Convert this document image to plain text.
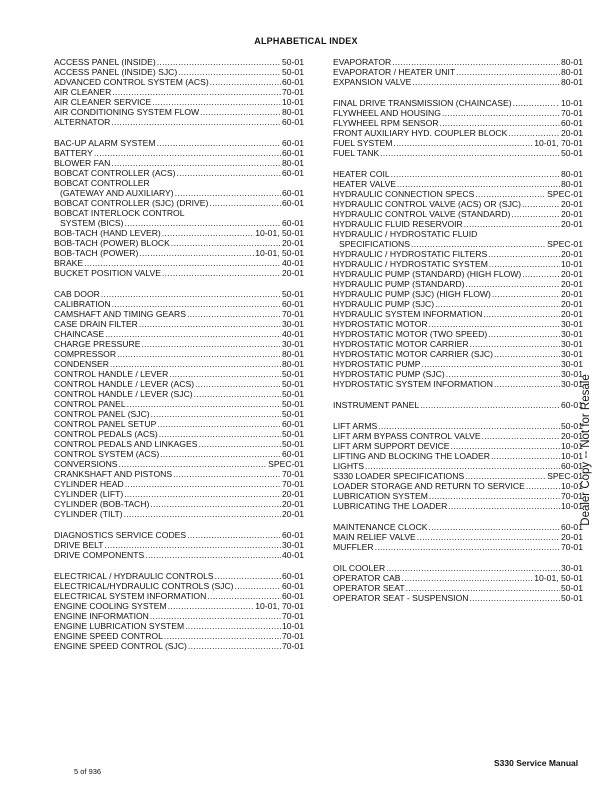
ALPHABETICAL INDEX
ACCESS PANEL (INSIDE) .....	50-01
ACCESS PANEL (INSIDE) SJC) .....	50-01
ADVANCED CONTROL SYSTEM (ACS) .....	60-01
AIR CLEANER .....	70-01
AIR CLEANER SERVICE .....	10-01
AIR CONDITIONING SYSTEM FLOW .....	80-01
ALTERNATOR .....	60-01
BAC-UP ALARM SYSTEM .....	60-01
BATTERY .....	60-01
BLOWER FAN .....	80-01
BOBCAT CONTROLLER (ACS) .....	60-01
BOBCAT CONTROLLER
(GATEWAY AND AUXILIARY) .....	60-01
BOBCAT CONTROLLER (SJC) (DRIVE) .....	60-01
BOBCAT INTERLOCK CONTROL
SYSTEM (BICS) .....	60-01
BOB-TACH (HAND LEVER) .....	10-01, 50-01
BOB-TACH (POWER) BLOCK .....	20-01
BOB-TACH (POWER) .....	10-01, 50-01
BRAKE .....	40-01
BUCKET POSITION VALVE .....	20-01
CAB DOOR .....	50-01
CALIBRATION .....	60-01
CAMSHAFT AND TIMING GEARS .....	70-01
CASE DRAIN FILTER .....	30-01
CHAINCASE .....	40-01
CHARGE PRESSURE .....	30-01
COMPRESSOR .....	80-01
CONDENSER .....	80-01
CONTROL HANDLE / LEVER .....	50-01
CONTROL HANDLE / LEVER (ACS) .....	50-01
CONTROL HANDLE / LEVER (SJC) .....	50-01
CONTROL PANEL .....	50-01
CONTROL PANEL (SJC) .....	50-01
CONTROL PANEL SETUP .....	60-01
CONTROL PEDALS (ACS) .....	50-01
CONTROL PEDALS AND LINKAGES .....	50-01
CONTROL SYSTEM (ACS) .....	60-01
CONVERSIONS .....	SPEC-01
CRANKSHAFT AND PISTONS .....	70-01
CYLINDER HEAD .....	70-01
CYLINDER (LIFT) .....	20-01
CYLINDER (BOB-TACH) .....	20-01
CYLINDER (TILT) .....	20-01
DIAGNOSTICS SERVICE CODES .....	60-01
DRIVE BELT .....	30-01
DRIVE COMPONENTS .....	40-01
ELECTRICAL / HYDRAULIC CONTROLS .....	60-01
ELECTRICAL/HYDRAULIC CONTROLS (SJC) .....	60-01
ELECTRICAL SYSTEM INFORMATION .....	60-01
ENGINE COOLING SYSTEM .....	10-01, 70-01
ENGINE INFORMATION .....	70-01
ENGINE LUBRICATION SYSTEM .....	10-01
ENGINE SPEED CONTROL .....	70-01
ENGINE SPEED CONTROL (SJC) .....	70-01
EVAPORATOR .....	80-01
EVAPORATOR / HEATER UNIT .....	80-01
EXPANSION VALVE .....	80-01
FINAL DRIVE TRANSMISSION (CHAINCASE) .....	. 10-01
FLYWHEEL AND HOUSING .....	70-01
FLYWHEEL RPM SENSOR .....	60-01
FRONT AUXILIARY HYD. COUPLER BLOCK .....	20-01
FUEL SYSTEM .....	10-01, 70-01
FUEL TANK .....	50-01
HEATER COIL .....	80-01
HEATER VALVE .....	80-01
HYDRAULIC CONNECTION SPECS .....	SPEC-01
HYDRAULIC CONTROL VALVE (ACS) OR (SJC) .....	20-01
HYDRAULIC CONTROL VALVE (STANDARD) .....	20-01
HYDRAULIC FLUID RESERVOIR .....	20-01
HYDRAULIC / HYDROSTATIC FLUID
SPECIFICATIONS .....	SPEC-01
HYDRAULIC / HYDROSTATIC FILTERS .....	20-01
HYDRAULIC / HYDROSTATIC SYSTEM .....	10-01
HYDRAULIC PUMP (STANDARD) (HIGH FLOW) .....	20-01
HYDRAULIC PUMP (STANDARD) .....	20-01
HYDRAULIC PUMP (SJC) (HIGH FLOW) .....	20-01
HYDRAULIC PUMP (SJC) .....	20-01
HYDRAULIC SYSTEM INFORMATION .....	20-01
HYDROSTATIC MOTOR .....	30-01
HYDROSTATIC MOTOR (TWO SPEED) .....	30-01
HYDROSTATIC MOTOR CARRIER .....	30-01
HYDROSTATIC MOTOR CARRIER (SJC) .....	30-01
HYDROSTATIC PUMP .....	30-01
HYDROSTATIC PUMP (SJC) .....	30-01
HYDROSTATIC SYSTEM INFORMATION .....	30-01
INSTRUMENT PANEL .....	60-01
LIFT ARMS .....	50-01
LIFT ARM BYPASS CONTROL VALVE .....	20-01
LIFT ARM SUPPORT DEVICE .....	10-01
LIFTING AND BLOCKING THE LOADER .....	10-01
LIGHTS .....	60-01
S330 LOADER SPECIFICATIONS .....	SPEC-01
LOADER STORAGE AND RETURN TO SERVICE .....	10-01
LUBRICATION SYSTEM .....	70-01
LUBRICATING THE LOADER .....	10-01
MAINTENANCE CLOCK .....	60-01
MAIN RELIEF VALVE .....	20-01
MUFFLER .....	70-01
OIL COOLER .....	30-01
OPERATOR CAB .....	10-01, 50-01
OPERATOR SEAT .....	50-01
OPERATOR SEAT - SUSPENSION .....	50-01
Dealer Copy -- Not for Resale
5 of 936
S330 Service Manual
